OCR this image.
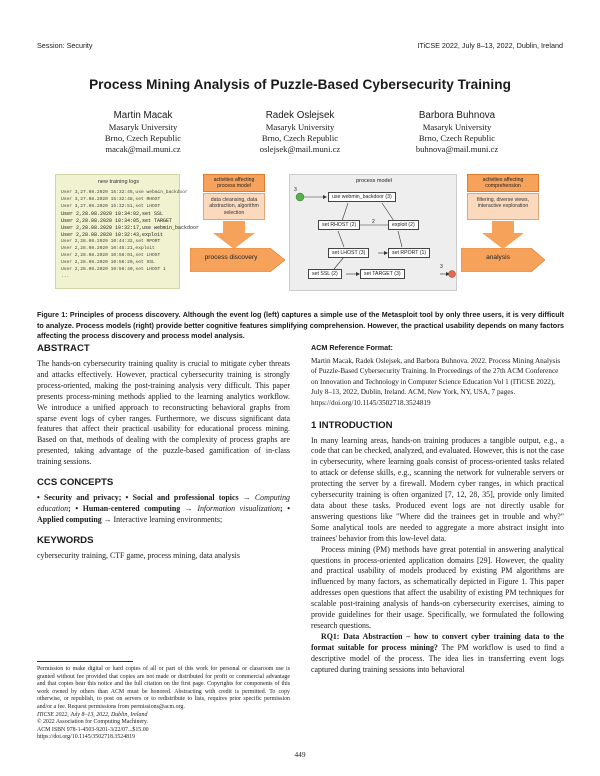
Session: Security	ITiCSE 2022, July 8–13, 2022, Dublin, Ireland
Process Mining Analysis of Puzzle-Based Cybersecurity Training
Martin Macak
Masaryk University
Brno, Czech Republic
macak@mail.muni.cz
Radek Oslejsek
Masaryk University
Brno, Czech Republic
oslejsek@mail.muni.cz
Barbora Buhnova
Masaryk University
Brno, Czech Republic
buhnova@mail.muni.cz
new training logs
User 3,27.08.2020 15:32:45,use webmin_backdoor
User 3,27.08.2020 15:32:48,set RHOST
User 3,27.08.2020 15:32:51,set LHOST
User 2,28.08.2020 10:34:02,set SSL
User 2,28.08.2020 10:34:05,set TARGET
User 2,28.08.2020 10:32:17,use webmin_backdoor
User 2,28.08.2020 10:32:43,exploit
User 2,28.08.2020 10:44:32,set RPORT
User 2,28.08.2020 10:45:21,exploit
User 2,28.08.2020 10:56:01,set LHOST
User 2,28.08.2020 10:56:20,set SSL
User 2,28.08.2020 10:56:40,set LHOST 1
...
activities affecting process model
data cleansing, data abstraction, algorithm selection
process discovery
process model
3
3
2
use webmin_backdoor (3)
set RHOST (2)	exploit (2)
set LHOST (3)	set RPORT (1)
set SSL (2)	set TARGET (3)
activities affecting comprehension
filtering, diverse views, interactive exploration
analysis
Figure 1: Principles of process discovery. Although the event log (left) captures a simple use of the Metasploit tool by only three users, it is very difficult to analyze. Process models (right) provide better cognitive features simplifying comprehension. However, the practical usability depends on many factors affecting the process discovery and process model analysis.
ABSTRACT
The hands-on cybersecurity training quality is crucial to mitigate cyber threats and attacks effectively. However, practical cybersecurity training is strongly process-oriented, making the post-training analysis very difficult. This paper presents process-mining methods applied to the learning analytics workflow. We introduce a unified approach to reconstructing behavioral graphs from sparse event logs of cyber ranges. Furthermore, we discuss significant data features that affect their practical usability for educational process mining. Based on that, methods of dealing with the complexity of process graphs are presented, taking advantage of the puzzle-based gamification of in-class training sessions.
CCS CONCEPTS
• Security and privacy; • Social and professional topics → Computing education; • Human-centered computing → Information visualization; • Applied computing → Interactive learning environments;
KEYWORDS
cybersecurity training, CTF game, process mining, data analysis
Permission to make digital or hard copies of all or part of this work for personal or classroom use is granted without fee provided that copies are not made or distributed for profit or commercial advantage and that copies bear this notice and the full citation on the first page. Copyrights for components of this work owned by others than ACM must be honored. Abstracting with credit is permitted. To copy otherwise, or republish, to post on servers or to redistribute to lists, requires prior specific permission and/or a fee. Request permissions from permissions@acm.org.
ITiCSE 2022, July 8–13, 2022, Dublin, Ireland
© 2022 Association for Computing Machinery.
ACM ISBN 978-1-4503-9201-3/22/07...$15.00
https://doi.org/10.1145/3502718.3524819
ACM Reference Format:
Martin Macak, Radek Oslejsek, and Barbora Buhnova. 2022. Process Mining Analysis of Puzzle-Based Cybersecurity Training. In Proceedings of the 27th ACM Conference on Innovation and Technology in Computer Science Education Vol 1 (ITiCSE 2022), July 8–13, 2022, Dublin, Ireland. ACM, New York, NY, USA, 7 pages. https://doi.org/10.1145/3502718.3524819
1 INTRODUCTION
In many learning areas, hands-on training produces a tangible output, e.g., a code that can be checked, analyzed, and evaluated. However, this is not the case in cybersecurity, where learning goals consist of process-oriented tasks related to attack or defense skills, e.g., scanning the network for vulnerable servers or protecting the server by a firewall. Modern cyber ranges, in which practical cybersecurity training is often organized [7, 12, 28, 35], provide only limited data about these tasks. Produced event logs are not directly usable for answering questions like "Where did the trainees get in trouble and why?" Some analytical tools are needed to aggregate a more abstract insight into trainees' behavior from this low-level data.
Process mining (PM) methods have great potential in answering analytical questions in process-oriented application domains [29]. However, the quality and practical usability of models produced by existing PM algorithms are influenced by many factors, as schematically depicted in Figure 1. This paper addresses open questions that affect the usability of existing PM techniques for scalable post-training analysis of hands-on cybersecurity exercises, aiming to provide guidelines for their usage. Specifically, we formulated the following research questions.
RQ1: Data Abstraction – how to convert cyber training data to the format suitable for process mining? The PM workflow is used to find a descriptive model of the process. The idea lies in transferring event logs captured during training sessions into behavioral
449
